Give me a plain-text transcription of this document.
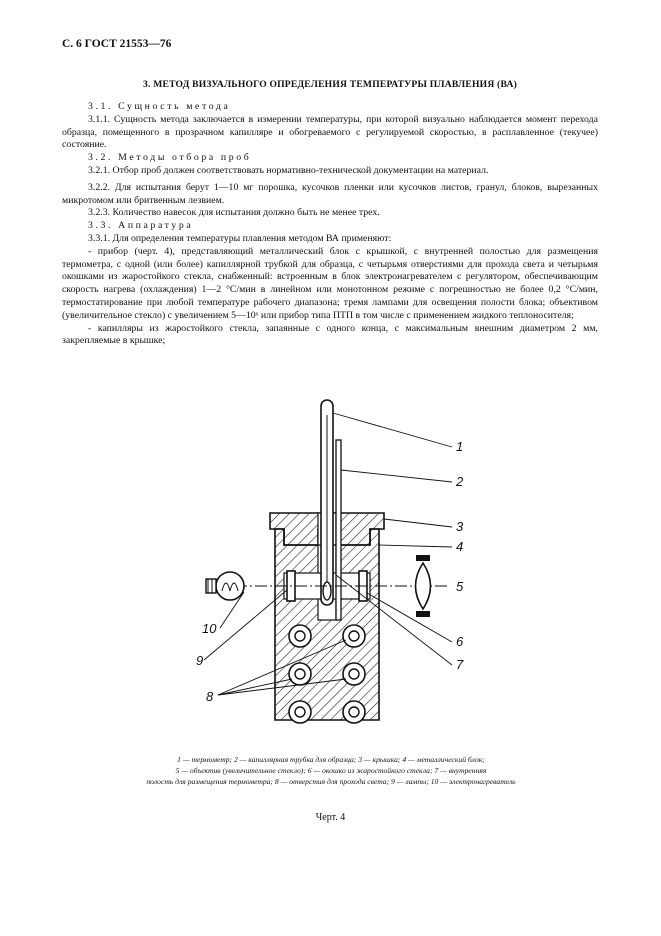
С. 6 ГОСТ 21553—76
3. МЕТОД ВИЗУАЛЬНОГО ОПРЕДЕЛЕНИЯ ТЕМПЕРАТУРЫ ПЛАВЛЕНИЯ (ВА)

3.1. Сущность метода

3.1.1. Сущность метода заключается в измерении температуры, при которой визуально наблюдается момент перехода образца, помещенного в прозрачном капилляре и обогреваемого с регулируемой скоростью, в расплавленное (текучее) состояние.

3.2. Методы отбора проб

3.2.1. Отбор проб должен соответствовать нормативно-технической документации на материал.

3.2.2. Для испытания берут 1—10 мг порошка, кусочков пленки или кусочков листов, гранул, блоков, вырезанных микротомом или бритвенным лезвием.

3.2.3. Количество навесок для испытания должно быть не менее трех.

3.3. Аппаратура

3.3.1. Для определения температуры плавления методом ВА применяют:

- прибор (черт. 4), представляющий металлический блок с крышкой, с внутренней полостью для размещения термометра, с одной (или более) капиллярной трубкой для образца, с четырьмя отверстиями для прохода света и четырьмя окошками из жаростойкого стекла, снабженный: встроенным в блок электронагревателем с регулятором, обеспечивающим скорость нагрева (охлаждения) 1—2 °С/мин в линейном или монотонном режиме с погрешностью не более 0,2 °С/мин, термостатирование при любой температуре рабочего диапазона; тремя лампами для освещения полости блока; объективом (увеличительное стекло) с увеличением 5—10ˣ или прибор типа ПТП в том числе с применением жидкого теплоносителя;

- капилляры из жаростойкого стекла, запаянные с одного конца, с максимальным внешним диаметром 2 мм, закрепляемые в крышке;

1
2
3
4
5
6
7
8
9
10
1 — термометр; 2 — капиллярная трубка для образца; 3 — крышка; 4 — металлический блок;
5 — объектив (увеличительное стекло); 6 — окошко из жаростойкого стекла; 7 — внутренняя
полость для размещения термометра; 8 — отверстия для прохода света; 9 — лампы; 10 — электронагреватель
Черт. 4
